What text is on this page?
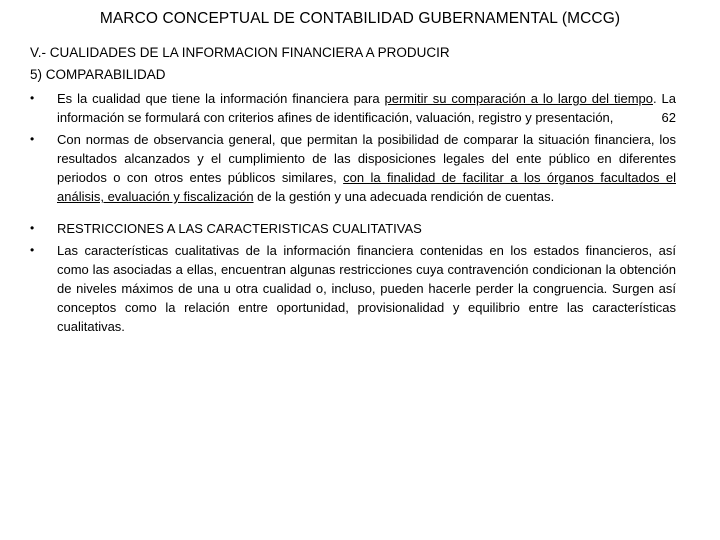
MARCO CONCEPTUAL DE CONTABILIDAD GUBERNAMENTAL (MCCG)
V.- CUALIDADES DE LA INFORMACION FINANCIERA A PRODUCIR
5) COMPARABILIDAD
•	Es la cualidad que tiene la información financiera para permitir su comparación a lo largo del tiempo. La información se formulará con criterios afines de identificación, valuación, registro y presentación,	62
•	Con normas de observancia general, que permitan la posibilidad de comparar la situación financiera, los resultados alcanzados y el cumplimiento de las disposiciones legales del ente público en diferentes periodos o con otros entes públicos similares, con la finalidad de facilitar a los órganos facultados el análisis, evaluación y fiscalización de la gestión y una adecuada rendición de cuentas.
•	RESTRICCIONES A LAS CARACTERISTICAS CUALITATIVAS
•	Las características cualitativas de la información financiera contenidas en los estados financieros, así como las asociadas a ellas, encuentran algunas restricciones cuya contravención condicionan la obtención de niveles máximos de una u otra cualidad o, incluso, pueden hacerle perder la congruencia. Surgen así conceptos como la relación entre oportunidad, provisionalidad y equilibrio entre las características cualitativas.
